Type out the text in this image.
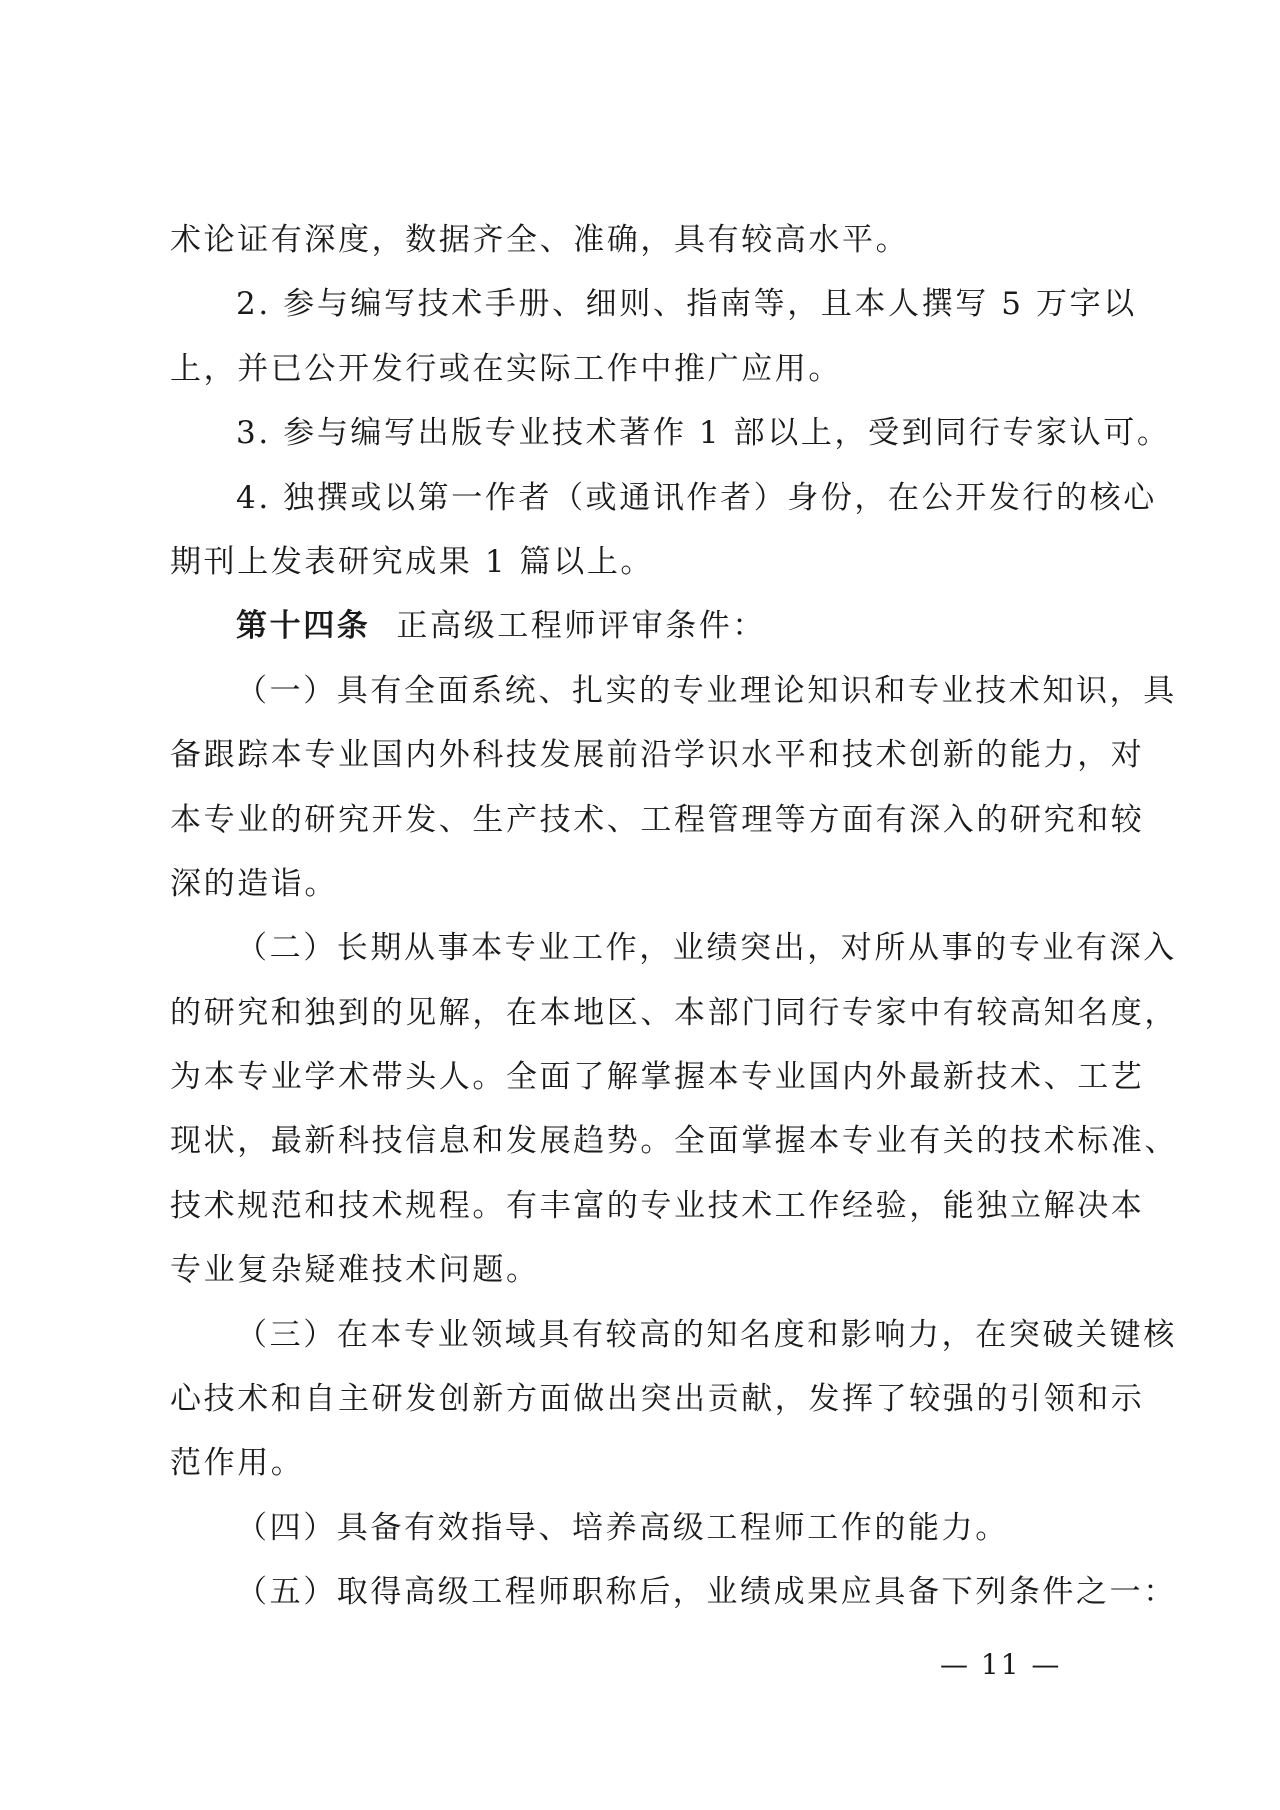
术论证有深度，数据齐全、准确，具有较高水平。
2. 参与编写技术手册、细则、指南等，且本人撰写 5 万字以
上，并已公开发行或在实际工作中推广应用。
3. 参与编写出版专业技术著作 1 部以上，受到同行专家认可。
4. 独撰或以第一作者（或通讯作者）身份，在公开发行的核心
期刊上发表研究成果 1 篇以上。
第十四条 正高级工程师评审条件：
（一）具有全面系统、扎实的专业理论知识和专业技术知识，具
备跟踪本专业国内外科技发展前沿学识水平和技术创新的能力，对
本专业的研究开发、生产技术、工程管理等方面有深入的研究和较
深的造诣。
（二）长期从事本专业工作，业绩突出，对所从事的专业有深入
的研究和独到的见解，在本地区、本部门同行专家中有较高知名度，
为本专业学术带头人。全面了解掌握本专业国内外最新技术、工艺
现状，最新科技信息和发展趋势。全面掌握本专业有关的技术标准、
技术规范和技术规程。有丰富的专业技术工作经验，能独立解决本
专业复杂疑难技术问题。
（三）在本专业领域具有较高的知名度和影响力，在突破关键核
心技术和自主研发创新方面做出突出贡献，发挥了较强的引领和示
范作用。
（四）具备有效指导、培养高级工程师工作的能力。
（五）取得高级工程师职称后，业绩成果应具备下列条件之一：
— 11 —
